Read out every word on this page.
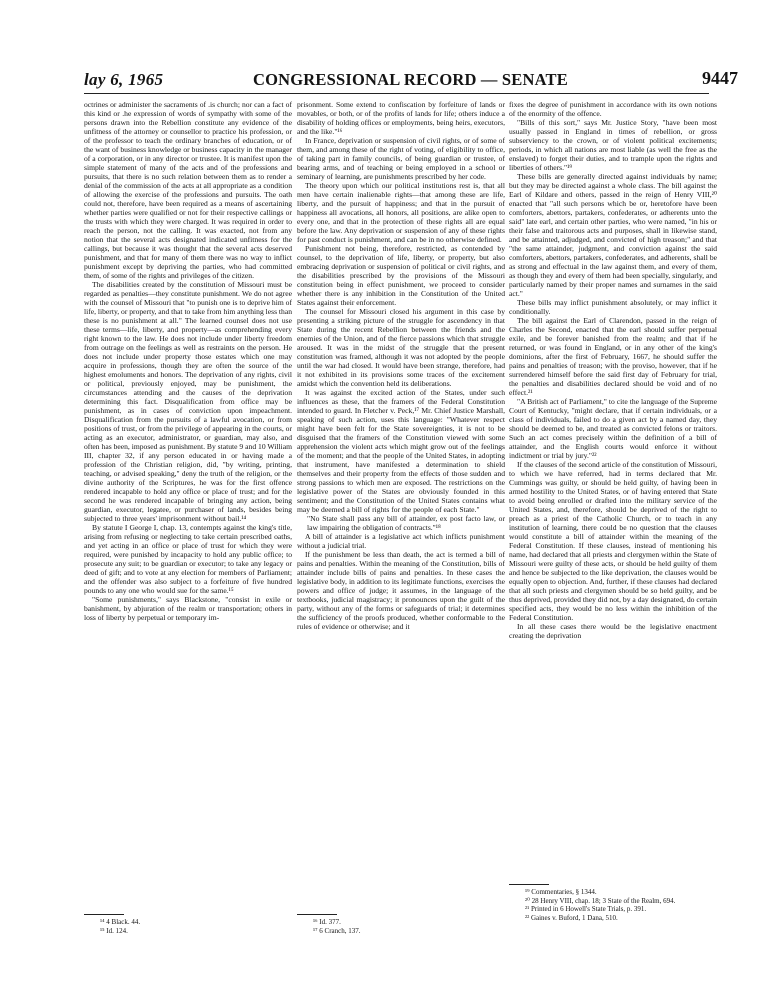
lay 6, 1965	CONGRESSIONAL RECORD — SENATE	9447

octrines or administer the sacraments of .is church; nor can a fact of this kind or .he expression of words of sympathy with some of the persons drawn into the Rebellion constitute any evidence of the unfitness of the attorney or counsellor to practice his profession, or of the professor to teach the ordinary branches of education, or of the want of business knowledge or business capacity in the manager of a corporation, or in any director or trustee. It is manifest upon the simple statement of many of the acts and of the professions and pursuits, that there is no such relation between them as to render a denial of the commission of the acts at all appropriate as a condition of allowing the exercise of the professions and pursuits. The oath could not, therefore, have been required as a means of ascertaining whether parties were qualified or not for their respective callings or the trusts with which they were charged. It was required in order to reach the person, not the calling. It was exacted, not from any notion that the several acts designated indicated unfitness for the callings, but because it was thought that the several acts deserved punishment, and that for many of them there was no way to inflict punishment except by depriving the parties, who had committed them, of some of the rights and privileges of the citizen.

The disabilities created by the constitution of Missouri must be regarded as penalties—they constitute punishment. We do not agree with the counsel of Missouri that "to punish one is to deprive him of life, liberty, or property, and that to take from him anything less than these is no punishment at all." The learned counsel does not use these terms—life, liberty, and property—as comprehending every right known to the law. He does not include under liberty freedom from outrage on the feelings as well as restraints on the person. He does not include under property those estates which one may acquire in professions, though they are often the source of the highest emoluments and honors. The deprivation of any rights, civil or political, previously enjoyed, may be punishment, the circumstances attending and the causes of the deprivation determining this fact. Disqualification from office may be punishment, as in cases of conviction upon impeachment. Disqualification from the pursuits of a lawful avocation, or from positions of trust, or from the privilege of appearing in the courts, or acting as an executor, administrator, or guardian, may also, and often has been, imposed as punishment. By statute 9 and 10 William III, chapter 32, if any person educated in or having made a profession of the Christian religion, did, "by writing, printing, teaching, or advised speaking," deny the truth of the religion, or the divine authority of the Scriptures, he was for the first offence rendered incapable to hold any office or place of trust; and for the second he was rendered incapable of bringing any action, being guardian, executor, legatee, or purchaser of lands, besides being subjected to three years' imprisonment without bail.¹⁴

By statute I George I, chap. 13, contempts against the king's title, arising from refusing or neglecting to take certain prescribed oaths, and yet acting in an office or place of trust for which they were required, were punished by incapacity to hold any public office; to prosecute any suit; to be guardian or executor; to take any legacy or deed of gift; and to vote at any election for members of Parliament; and the offender was also subject to a forfeiture of five hundred pounds to any one who would sue for the same.¹⁵

"Some punishments," says Blackstone, "consist in exile or banishment, by abjuration of the realm or transportation; others in loss of liberty by perpetual or temporary im-

¹⁴ 4 Black. 44.

¹⁵ Id. 124.

prisonment. Some extend to confiscation by forfeiture of lands or movables, or both, or of the profits of lands for life; others induce a disability of holding offices or employments, being heirs, executors, and the like."¹⁶

In France, deprivation or suspension of civil rights, or of some of them, and among these of the right of voting, of eligibility to office, of taking part in family councils, of being guardian or trustee, of bearing arms, and of teaching or being employed in a school or seminary of learning, are punishments prescribed by her code.

The theory upon which our political institutions rest is, that all men have certain inalienable rights—that among these are life, liberty, and the pursuit of happiness; and that in the pursuit of happiness all avocations, all honors, all positions, are alike open to every one, and that in the protection of these rights all are equal before the law. Any deprivation or suspension of any of these rights for past conduct is punishment, and can be in no otherwise defined.

Punishment not being, therefore, restricted, as contended by counsel, to the deprivation of life, liberty, or property, but also embracing deprivation or suspension of political or civil rights, and the disabilities prescribed by the provisions of the Missouri constitution being in effect punishment, we proceed to consider whether there is any inhibition in the Constitution of the United States against their enforcement.

The counsel for Missouri closed his argument in this case by presenting a striking picture of the struggle for ascendency in that State during the recent Rebellion between the friends and the enemies of the Union, and of the fierce passions which that struggle aroused. It was in the midst of the struggle that the present constitution was framed, although it was not adopted by the people until the war had closed. It would have been strange, therefore, had it not exhibited in its provisions some traces of the excitement amidst which the convention held its deliberations.

It was against the excited action of the States, under such influences as these, that the framers of the Federal Constitution intended to guard. In Fletcher v. Peck,¹⁷ Mr. Chief Justice Marshall, speaking of such action, uses this language: "Whatever respect might have been felt for the State sovereignties, it is not to be disguised that the framers of the Constitution viewed with some apprehension the violent acts which might grow out of the feelings of the moment; and that the people of the United States, in adopting that instrument, have manifested a determination to shield themselves and their property from the effects of those sudden and strong passions to which men are exposed. The restrictions on the legislative power of the States are obviously founded in this sentiment; and the Constitution of the United States contains what may be deemed a bill of rights for the people of each State."

"No State shall pass any bill of attainder, ex post facto law, or law impairing the obligation of contracts."¹⁸

A bill of attainder is a legislative act which inflicts punishment without a judicial trial.

If the punishment be less than death, the act is termed a bill of pains and penalties. Within the meaning of the Constitution, bills of attainder include bills of pains and penalties. In these cases the legislative body, in addition to its legitimate functions, exercises the powers and office of judge; it assumes, in the language of the textbooks, judicial magistracy; it pronounces upon the guilt of the party, without any of the forms or safeguards of trial; it determines the sufficiency of the proofs produced, whether conformable to the rules of evidence or otherwise; and it

¹⁶ Id. 377.

¹⁷ 6 Cranch, 137.

fixes the degree of punishment in accordance with its own notions of the enormity of the offence.

"Bills of this sort," says Mr. Justice Story, "have been most usually passed in England in times of rebellion, or gross subserviency to the crown, or of violent political excitements; periods, in which all nations are most liable (as well the free as the enslaved) to forget their duties, and to trample upon the rights and liberties of others."¹⁹

These bills are generally directed against individuals by name; but they may be directed against a whole class. The bill against the Earl of Kildare and others, passed in the reign of Henry VIII,²⁰ enacted that "all such persons which be or, heretofore have been comforters, abettors, partakers, confederates, or adherents unto the said" late earl, and certain other parties, who were named, "in his or their false and traitorous acts and purposes, shall in likewise stand, and be attainted, adjudged, and convicted of high treason;" and that "the same attainder, judgment, and conviction against the said comforters, abettors, partakers, confederates, and adherents, shall be as strong and effectual in the law against them, and every of them, as though they and every of them had been specially, singularly, and particularly named by their proper names and surnames in the said act."

These bills may inflict punishment absolutely, or may inflict it conditionally.

The bill against the Earl of Clarendon, passed in the reign of Charles the Second, enacted that the earl should suffer perpetual exile, and be forever banished from the realm; and that if he returned, or was found in England, or in any other of the king's dominions, after the first of February, 1667, he should suffer the pains and penalties of treason; with the proviso, however, that if he surrendered himself before the said first day of February for trial, the penalties and disabilities declared should be void and of no effect.²¹

"A British act of Parliament," to cite the language of the Supreme Court of Kentucky, "might declare, that if certain individuals, or a class of individuals, failed to do a given act by a named day, they should be deemed to be, and treated as convicted felons or traitors. Such an act comes precisely within the definition of a bill of attainder, and the English courts would enforce it without indictment or trial by jury."²²

If the clauses of the second article of the constitution of Missouri, to which we have referred, had in terms declared that Mr. Cummings was guilty, or should be held guilty, of having been in armed hostility to the United States, or of having entered that State to avoid being enrolled or drafted into the military service of the United States, and, therefore, should be deprived of the right to preach as a priest of the Catholic Church, or to teach in any institution of learning, there could be no question that the clauses would constitute a bill of attainder within the meaning of the Federal Constitution. If these clauses, instead of mentioning his name, had declared that all priests and clergymen within the State of Missouri were guilty of these acts, or should be held guilty of them and hence be subjected to the like deprivation, the clauses would be equally open to objection. And, further, if these clauses had declared that all such priests and clergymen should be so held guilty, and be thus deprived, provided they did not, by a day designated, do certain specified acts, they would be no less within the inhibition of the Federal Constitution.

In all these cases there would be the legislative enactment creating the deprivation

¹⁹ Commentaries, § 1344.

²⁰ 28 Henry VIII, chap. 18; 3 State of the Realm, 694.

²¹ Printed in 6 Howell's State Trials, p. 391.

²² Gaines v. Buford, 1 Dana, 510.
